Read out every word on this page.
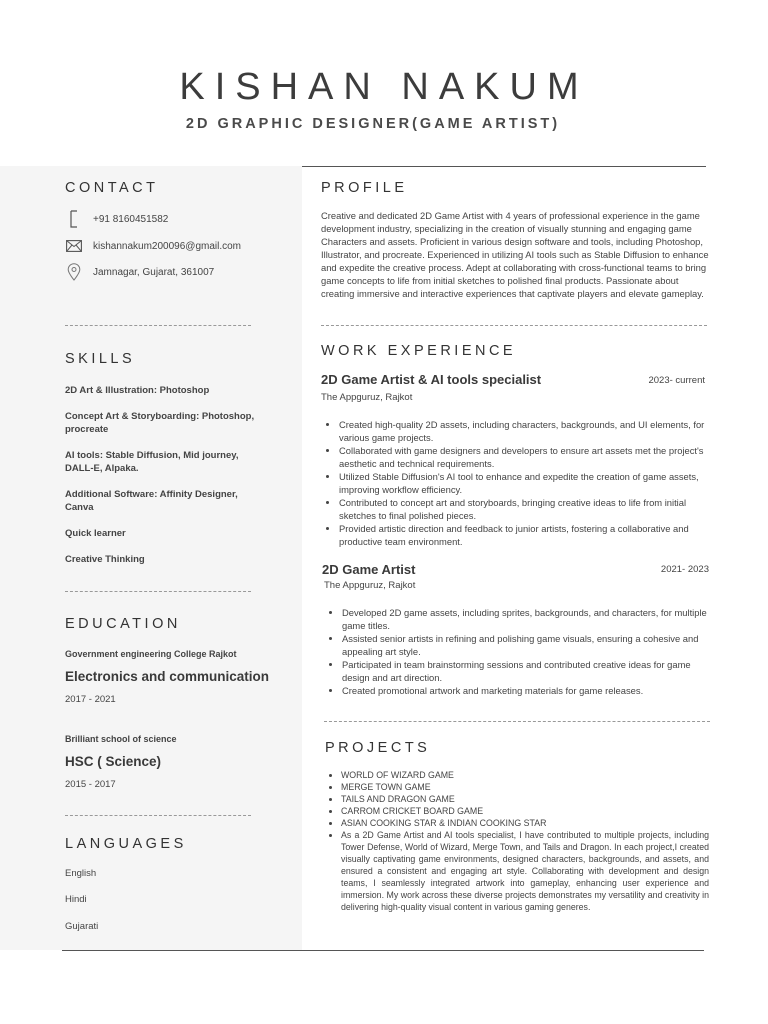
KISHAN NAKUM
2D GRAPHIC DESIGNER(GAME ARTIST)
CONTACT
+91 8160451582
kishannakum200096@gmail.com
Jamnagar, Gujarat, 361007
SKILLS
2D Art & Illustration: Photoshop
Concept Art & Storyboarding: Photoshop, procreate
AI tools: Stable Diffusion, Mid journey, DALL-E, Alpaka.
Additional Software: Affinity Designer, Canva
Quick learner
Creative Thinking
EDUCATION
Government engineering College Rajkot
Electronics and communication
2017 - 2021
Brilliant school of science
HSC ( Science)
2015 - 2017
LANGUAGES
English
Hindi
Gujarati
PROFILE
Creative and dedicated 2D Game Artist with 4 years of professional experience in the game development industry, specializing in the creation of visually stunning and engaging game Characters and assets. Proficient in various design software and tools, including Photoshop, Illustrator, and procreate. Experienced in utilizing AI tools such as Stable Diffusion to enhance and expedite the creative process. Adept at collaborating with cross-functional teams to bring game concepts to life from initial sketches to polished final products. Passionate about creating immersive and interactive experiences that captivate players and elevate gameplay.
WORK EXPERIENCE
2D Game Artist & AI tools specialist	2023- current
The Appguruz, Rajkot
• Created high-quality 2D assets, including characters, backgrounds, and UI elements, for various game projects.
• Collaborated with game designers and developers to ensure art assets met the project's aesthetic and technical requirements.
• Utilized Stable Diffusion's AI tool to enhance and expedite the creation of game assets, improving workflow efficiency.
• Contributed to concept art and storyboards, bringing creative ideas to life from initial sketches to final polished pieces.
• Provided artistic direction and feedback to junior artists, fostering a collaborative and productive team environment.
2D Game Artist	2021- 2023
The Appguruz, Rajkot
• Developed 2D game assets, including sprites, backgrounds, and characters, for multiple game titles.
• Assisted senior artists in refining and polishing game visuals, ensuring a cohesive and appealing art style.
• Participated in team brainstorming sessions and contributed creative ideas for game design and art direction.
• Created promotional artwork and marketing materials for game releases.
PROJECTS
• WORLD OF WIZARD GAME
• MERGE TOWN GAME
• TAILS AND DRAGON GAME
• CARROM CRICKET BOARD GAME
• ASIAN COOKING STAR & INDIAN COOKING STAR
• As a 2D Game Artist and AI tools specialist, I have contributed to multiple projects, including Tower Defense, World of Wizard, Merge Town, and Tails and Dragon. In each project,I created visually captivating game environments, designed characters, backgrounds, and assets, and ensured a consistent and engaging art style. Collaborating with development and design teams, I seamlessly integrated artwork into gameplay, enhancing user experience and immersion. My work across these diverse projects demonstrates my versatility and creativity in delivering high-quality visual content in various gaming generes.
